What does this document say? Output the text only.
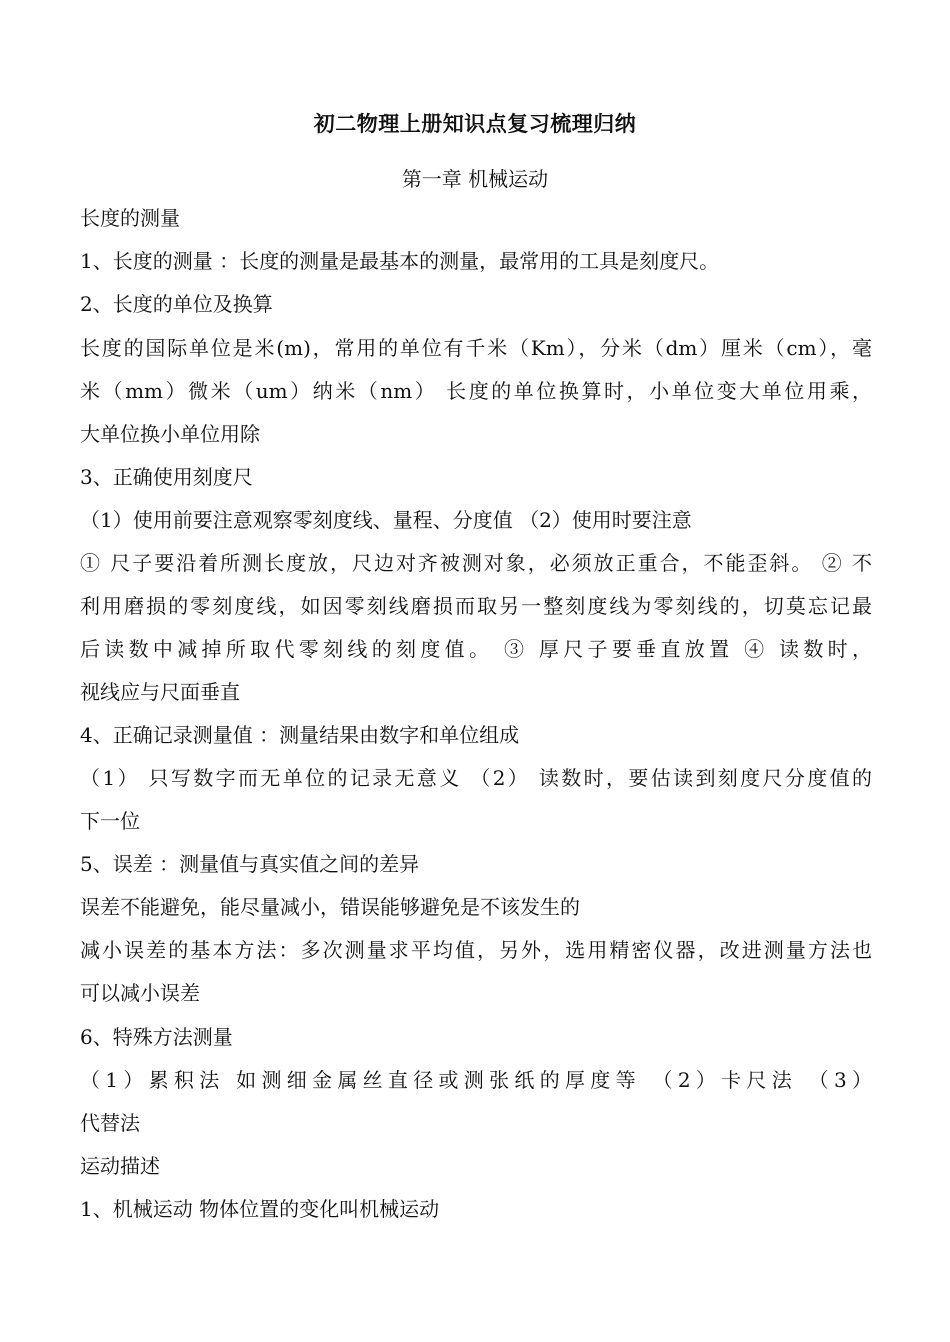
初二物理上册知识点复习梳理归纳
第一章 机械运动
长度的测量
1、长度的测量 ：长度的测量是最基本的测量，最常用的工具是刻度尺。
2、长度的单位及换算
长度的国际单位是米(m)，常用的单位有千米（Km），分米（dm）厘米（cm），毫
米（mm）微米（um）纳米（nm） 长度的单位换算时，小单位变大单位用乘，
大单位换小单位用除
3、正确使用刻度尺
（1）使用前要注意观察零刻度线、量程、分度值 （2）使用时要注意
① 尺子要沿着所测长度放，尺边对齐被测对象，必须放正重合，不能歪斜。 ② 不
利用磨损的零刻度线，如因零刻线磨损而取另一整刻度线为零刻线的，切莫忘记最
后读数中减掉所取代零刻线的刻度值。 ③ 厚尺子要垂直放置 ④ 读数时，
视线应与尺面垂直
4、正确记录测量值 ：测量结果由数字和单位组成
（1） 只写数字而无单位的记录无意义 （2） 读数时，要估读到刻度尺分度值的
下一位
5、误差 ：测量值与真实值之间的差异
误差不能避免，能尽量减小，错误能够避免是不该发生的
减小误差的基本方法：多次测量求平均值，另外，选用精密仪器，改进测量方法也
可以减小误差
6、特殊方法测量
（1）累积法 如测细金属丝直径或测张纸的厚度等 （2）卡尺法 （3）
代替法
运动描述
1、机械运动 物体位置的变化叫机械运动
